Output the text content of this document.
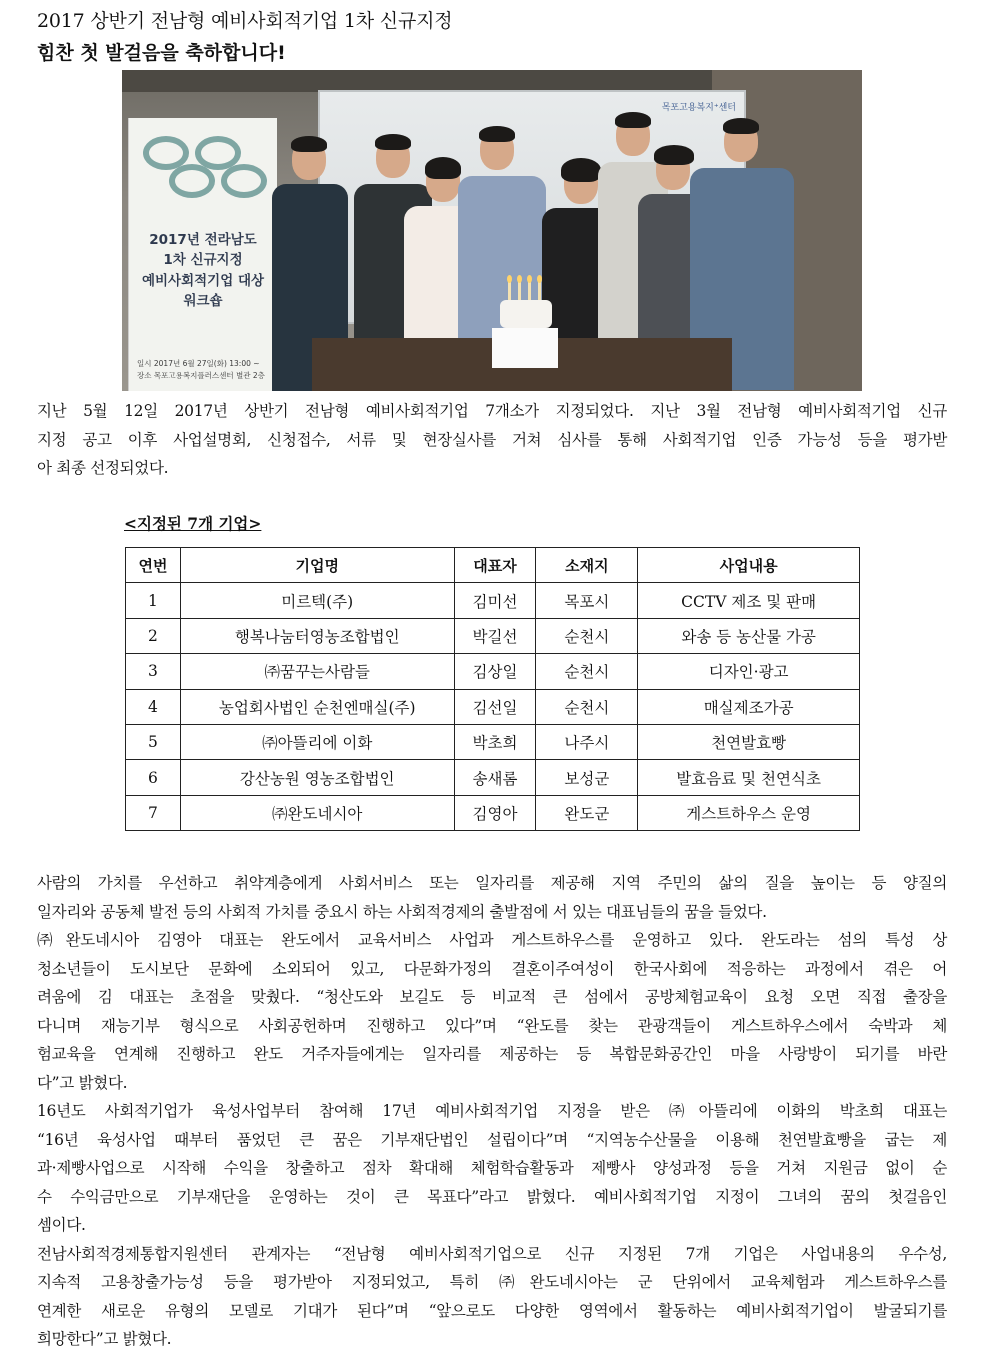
2017 상반기 전남형 예비사회적기업 1차 신규지정
힘찬 첫 발걸음을 축하합니다!
목포고용복지⁺센터
2017년 전라남도
1차 신규지정
예비사회적기업 대상
워크숍
일시 2017년 6월 27일(화) 13:00 ~
장소 목포고용복지플러스센터 별관 2층
지난 5월 12일 2017년 상반기 전남형 예비사회적기업 7개소가 지정되었다. 지난 3월 전남형 예비사회적기업 신규
지정 공고 이후 사업설명회, 신청접수, 서류 및 현장실사를 거쳐 심사를 통해 사회적기업 인증 가능성 등을 평가받
아 최종 선정되었다.
<지정된 7개 기업>
연번	기업명	대표자	소재지	사업내용
1	미르텍(주)	김미선	목포시	CCTV 제조 및 판매
2	행복나눔터영농조합법인	박길선	순천시	와송 등 농산물 가공
3	㈜꿈꾸는사람들	김상일	순천시	디자인·광고
4	농업회사법인 순천엔매실(주)	김선일	순천시	매실제조가공
5	㈜아뜰리에 이화	박초희	나주시	천연발효빵
6	강산농원 영농조합법인	송새롬	보성군	발효음료 및 천연식초
7	㈜완도네시아	김영아	완도군	게스트하우스 운영
사람의 가치를 우선하고 취약계층에게 사회서비스 또는 일자리를 제공해 지역 주민의 삶의 질을 높이는 등 양질의
일자리와 공동체 발전 등의 사회적 가치를 중요시 하는 사회적경제의 출발점에 서 있는 대표님들의 꿈을 들었다.
㈜완도네시아 김영아 대표는 완도에서 교육서비스 사업과 게스트하우스를 운영하고 있다. 완도라는 섬의 특성 상
청소년들이 도시보단 문화에 소외되어 있고, 다문화가정의 결혼이주여성이 한국사회에 적응하는 과정에서 겪은 어
려움에 김 대표는 초점을 맞췄다. “청산도와 보길도 등 비교적 큰 섬에서 공방체험교육이 요청 오면 직접 출장을
다니며 재능기부 형식으로 사회공헌하며 진행하고 있다”며 “완도를 찾는 관광객들이 게스트하우스에서 숙박과 체
험교육을 연계해 진행하고 완도 거주자들에게는 일자리를 제공하는 등 복합문화공간인 마을 사랑방이 되기를 바란
다”고 밝혔다.
16년도 사회적기업가 육성사업부터 참여해 17년 예비사회적기업 지정을 받은 ㈜아뜰리에 이화의 박초희 대표는
“16년 육성사업 때부터 품었던 큰 꿈은 기부재단법인 설립이다”며 “지역농수산물을 이용해 천연발효빵을 굽는 제
과·제빵사업으로 시작해 수익을 창출하고 점차 확대해 체험학습활동과 제빵사 양성과정 등을 거쳐 지원금 없이 순
수 수익금만으로 기부재단을 운영하는 것이 큰 목표다”라고 밝혔다. 예비사회적기업 지정이 그녀의 꿈의 첫걸음인
셈이다.
전남사회적경제통합지원센터 관계자는 “전남형 예비사회적기업으로 신규 지정된 7개 기업은 사업내용의 우수성,
지속적 고용창출가능성 등을 평가받아 지정되었고, 특히 ㈜완도네시아는 군 단위에서 교육체험과 게스트하우스를
연계한 새로운 유형의 모델로 기대가 된다”며 “앞으로도 다양한 영역에서 활동하는 예비사회적기업이 발굴되기를
희망한다”고 밝혔다.
